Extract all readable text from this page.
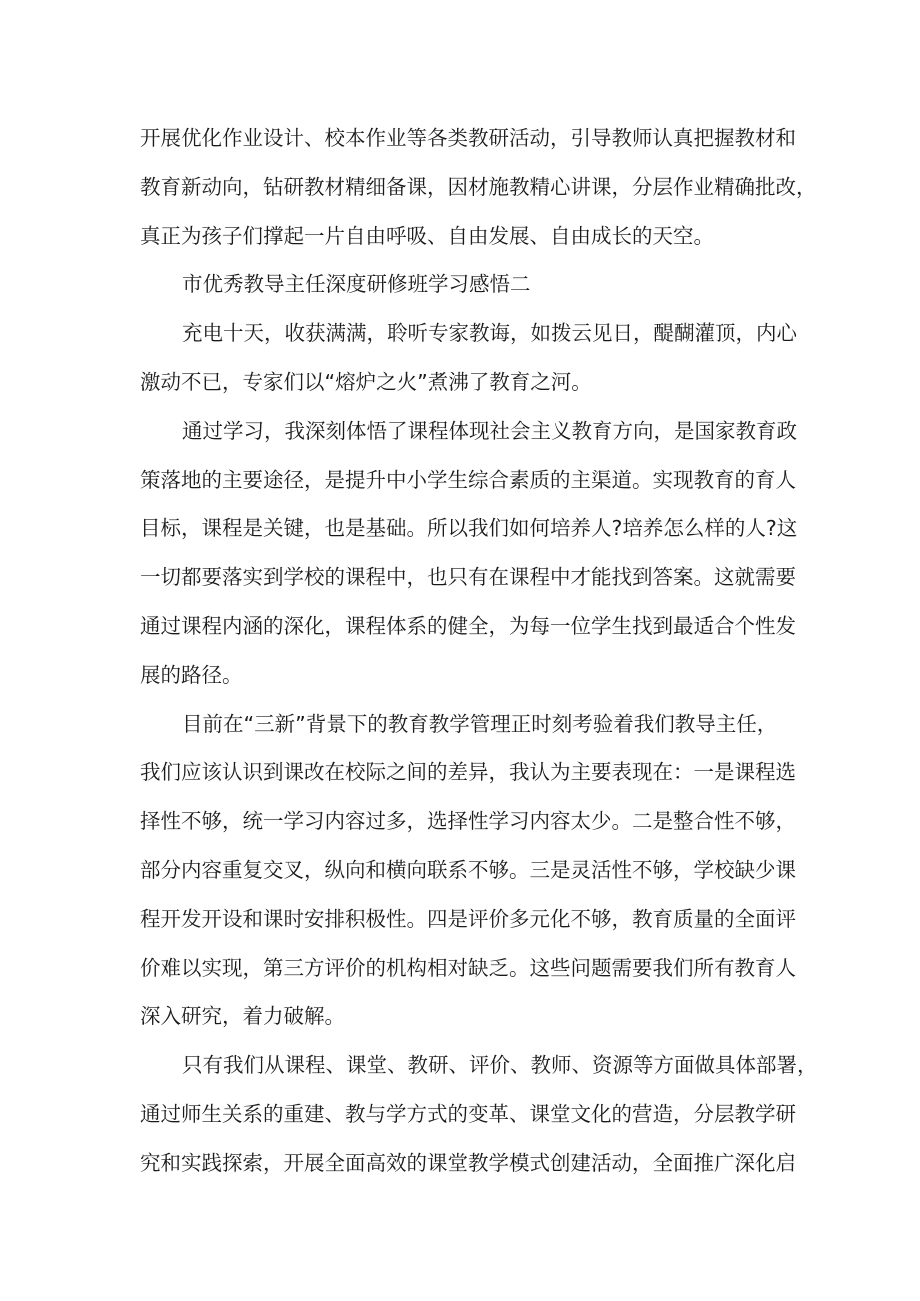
开展优化作业设计、校本作业等各类教研活动，引导教师认真把握教材和
教育新动向，钻研教材精细备课，因材施教精心讲课，分层作业精确批改，
真正为孩子们撑起一片自由呼吸、自由发展、自由成长的天空。
市优秀教导主任深度研修班学习感悟二
充电十天，收获满满，聆听专家教诲，如拨云见日，醍醐灌顶，内心
激动不已，专家们以“熔炉之火”煮沸了教育之河。
通过学习，我深刻体悟了课程体现社会主义教育方向，是国家教育政
策落地的主要途径，是提升中小学生综合素质的主渠道。实现教育的育人
目标，课程是关键，也是基础。所以我们如何培养人?培养怎么样的人?这
一切都要落实到学校的课程中，也只有在课程中才能找到答案。这就需要
通过课程内涵的深化，课程体系的健全，为每一位学生找到最适合个性发
展的路径。
目前在“三新”背景下的教育教学管理正时刻考验着我们教导主任，
我们应该认识到课改在校际之间的差异，我认为主要表现在：一是课程选
择性不够，统一学习内容过多，选择性学习内容太少。二是整合性不够，
部分内容重复交叉，纵向和横向联系不够。三是灵活性不够，学校缺少课
程开发开设和课时安排积极性。四是评价多元化不够，教育质量的全面评
价难以实现，第三方评价的机构相对缺乏。这些问题需要我们所有教育人
深入研究，着力破解。
只有我们从课程、课堂、教研、评价、教师、资源等方面做具体部署，
通过师生关系的重建、教与学方式的变革、课堂文化的营造，分层教学研
究和实践探索，开展全面高效的课堂教学模式创建活动，全面推广深化启
